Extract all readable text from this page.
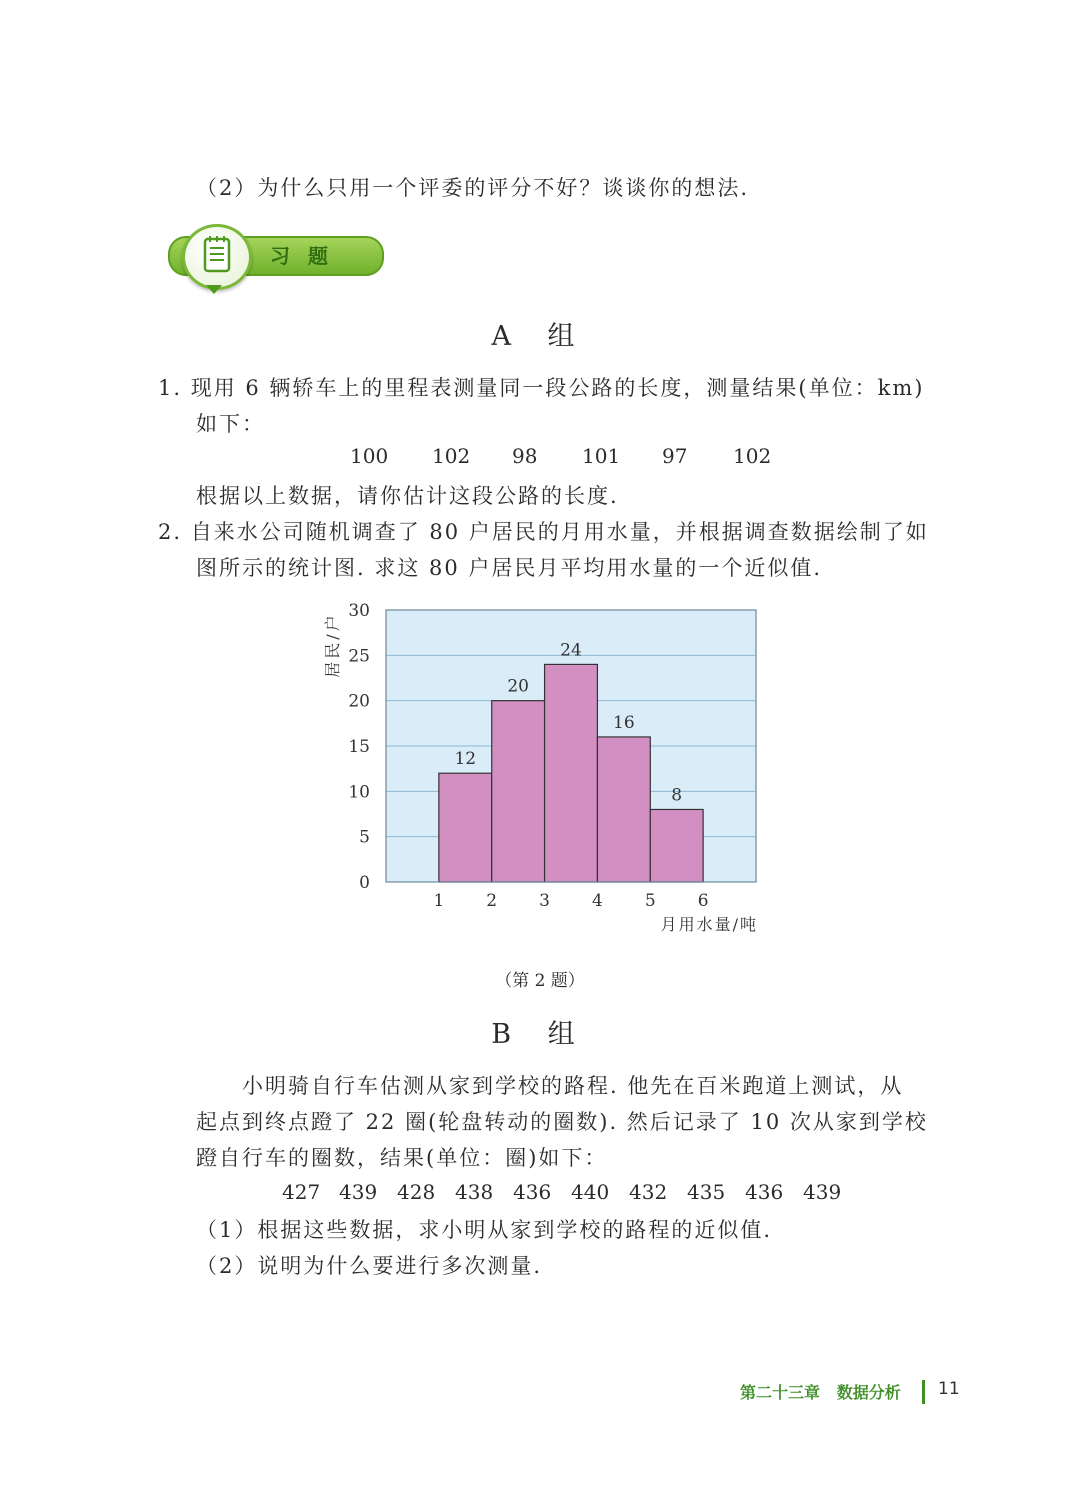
（2）为什么只用一个评委的评分不好？谈谈你的想法.
习题
A 组
1. 现用 6 辆轿车上的里程表测量同一段公路的长度，测量结果(单位：km)
如下：
100 102 98 101 97 102
根据以上数据，请你估计这段公路的长度.
2. 自来水公司随机调查了 80 户居民的月用水量，并根据调查数据绘制了如
图所示的统计图. 求这 80 户居民月平均用水量的一个近似值.
12
20
24
16
8
0
5
10
15
20
25
30
1 2 3 4 5 6
居民/户
月用水量/吨
（第 2 题）
B 组
小明骑自行车估测从家到学校的路程. 他先在百米跑道上测试，从
起点到终点蹬了 22 圈(轮盘转动的圈数). 然后记录了 10 次从家到学校
蹬自行车的圈数，结果(单位：圈)如下：
427 439 428 438 436 440 432 435 436 439
（1）根据这些数据，求小明从家到学校的路程的近似值.
（2）说明为什么要进行多次测量.
第二十三章 数据分析 11
